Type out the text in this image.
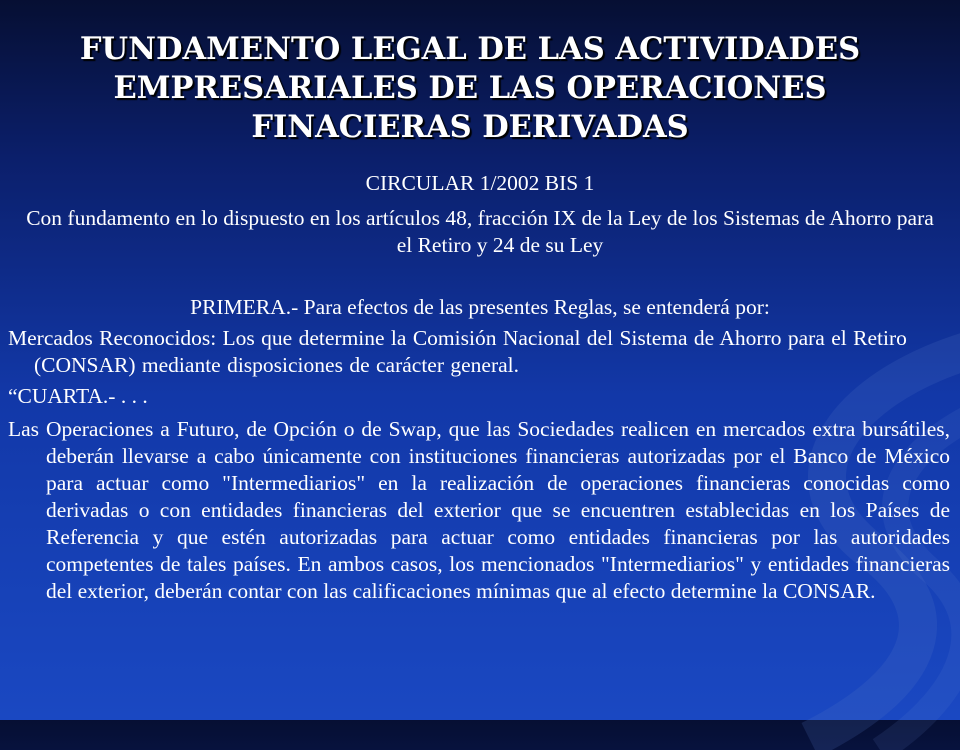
FUNDAMENTO LEGAL DE LAS ACTIVIDADES
EMPRESARIALES DE LAS OPERACIONES
FINACIERAS DERIVADAS

CIRCULAR 1/2002 BIS 1

Con fundamento en lo dispuesto en los artículos 48, fracción IX de la Ley de los Sistemas de Ahorro para el Retiro y 24 de su Ley

PRIMERA.- Para efectos de las presentes Reglas, se entenderá por:

Mercados Reconocidos: Los que determine la Comisión Nacional del Sistema de Ahorro para el Retiro (CONSAR) mediante disposiciones de carácter general.

“CUARTA.- . . .

Las Operaciones a Futuro, de Opción o de Swap, que las Sociedades realicen en mercados extra bursátiles, deberán llevarse a cabo únicamente con instituciones financieras autorizadas por el Banco de México para actuar como "Intermediarios" en la realización de operaciones financieras conocidas como derivadas o con entidades financieras del exterior que se encuentren establecidas en los Países de Referencia y que estén autorizadas para actuar como entidades financieras por las autoridades competentes de tales países. En ambos casos, los mencionados "Intermediarios" y entidades financieras del exterior, deberán contar con las calificaciones mínimas que al efecto determine la CONSAR.
